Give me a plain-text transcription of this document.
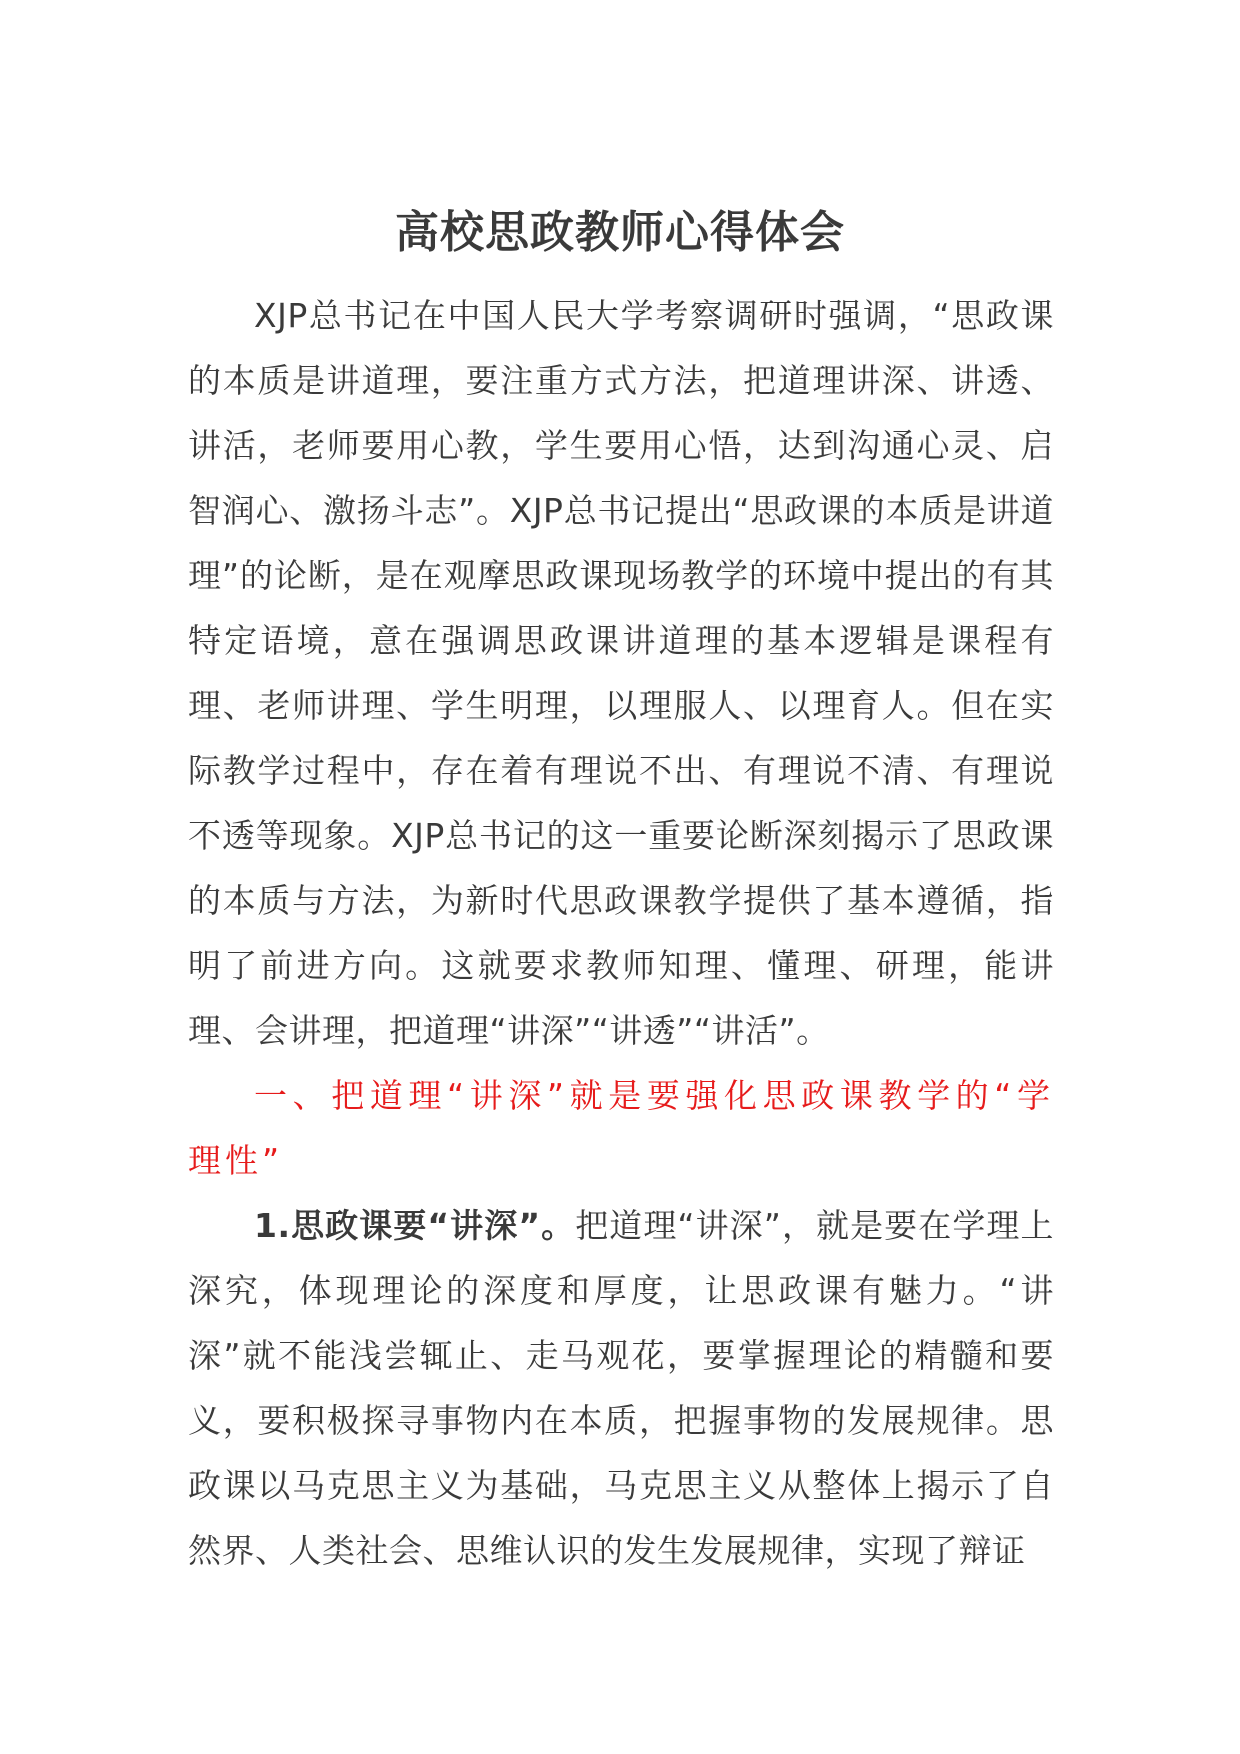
高校思政教师心得体会

XJP总书记在中国人民大学考察调研时强调，“思政课的本质是讲道理，要注重方式方法，把道理讲深、讲透、讲活，老师要用心教，学生要用心悟，达到沟通心灵、启智润心、激扬斗志”。XJP总书记提出“思政课的本质是讲道理”的论断，是在观摩思政课现场教学的环境中提出的有其特定语境，意在强调思政课讲道理的基本逻辑是课程有理、老师讲理、学生明理，以理服人、以理育人。但在实际教学过程中，存在着有理说不出、有理说不清、有理说不透等现象。XJP总书记的这一重要论断深刻揭示了思政课的本质与方法，为新时代思政课教学提供了基本遵循，指明了前进方向。这就要求教师知理、懂理、研理，能讲理、会讲理，把道理“讲深”“讲透”“讲活”。

一、把道理“讲深”就是要强化思政课教学的“学理性”

1.思政课要“讲深”。把道理“讲深”，就是要在学理上深究，体现理论的深度和厚度，让思政课有魅力。“讲深”就不能浅尝辄止、走马观花，要掌握理论的精髓和要义，要积极探寻事物内在本质，把握事物的发展规律。思政课以马克思主义为基础，马克思主义从整体上揭示了自然界、人类社会、思维认识的发生发展规律，实现了辩证
